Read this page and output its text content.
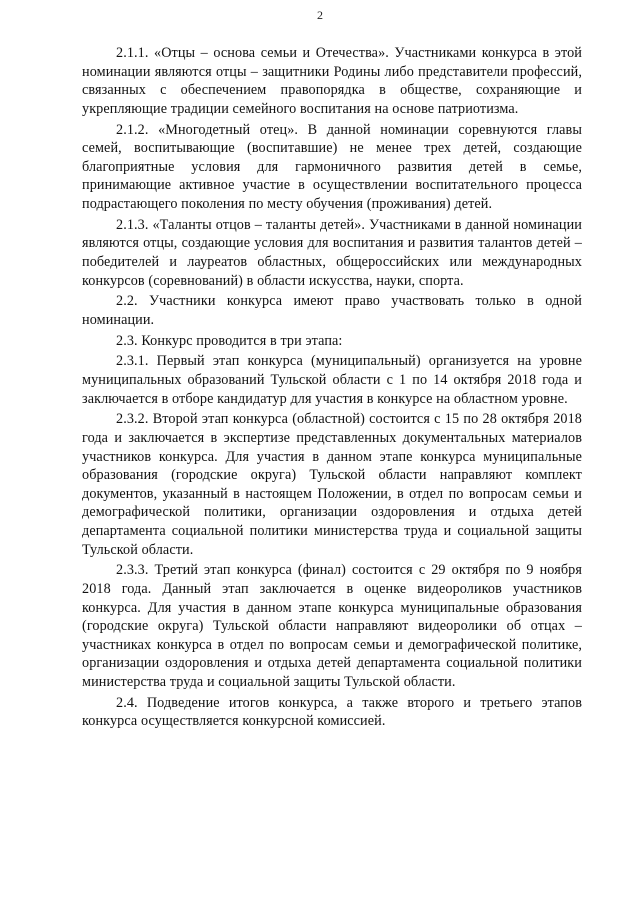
2

2.1.1. «Отцы – основа семьи и Отечества». Участниками конкурса в этой номинации являются отцы – защитники Родины либо представители профессий, связанных с обеспечением правопорядка в обществе, сохраняющие и укрепляющие традиции семейного воспитания на основе патриотизма.

2.1.2. «Многодетный отец». В данной номинации соревнуются главы семей, воспитывающие (воспитавшие) не менее трех детей, создающие благоприятные условия для гармоничного развития детей в семье, принимающие активное участие в осуществлении воспитательного процесса подрастающего поколения по месту обучения (проживания) детей.

2.1.3. «Таланты отцов – таланты детей». Участниками в данной номинации являются отцы, создающие условия для воспитания и развития талантов детей – победителей и лауреатов областных, общероссийских или международных конкурсов (соревнований) в области искусства, науки, спорта.

2.2. Участники конкурса имеют право участвовать только в одной номинации.

2.3. Конкурс проводится в три этапа:

2.3.1. Первый этап конкурса (муниципальный) организуется на уровне муниципальных образований Тульской области с 1 по 14 октября 2018 года и заключается в отборе кандидатур для участия в конкурсе на областном уровне.

2.3.2. Второй этап конкурса (областной) состоится с 15 по 28 октября 2018 года и заключается в экспертизе представленных документальных материалов участников конкурса. Для участия в данном этапе конкурса муниципальные образования (городские округа) Тульской области направляют комплект документов, указанный в настоящем Положении, в отдел по вопросам семьи и демографической политики, организации оздоровления и отдыха детей департамента социальной политики министерства труда и социальной защиты Тульской области.

2.3.3. Третий этап конкурса (финал) состоится с 29 октября по 9 ноября 2018 года. Данный этап заключается в оценке видеороликов участников конкурса. Для участия в данном этапе конкурса муниципальные образования (городские округа) Тульской области направляют видеоролики об отцах – участниках конкурса в отдел по вопросам семьи и демографической политике, организации оздоровления и отдыха детей департамента социальной политики министерства труда и социальной защиты Тульской области.

2.4. Подведение итогов конкурса, а также второго и третьего этапов конкурса осуществляется конкурсной комиссией.
